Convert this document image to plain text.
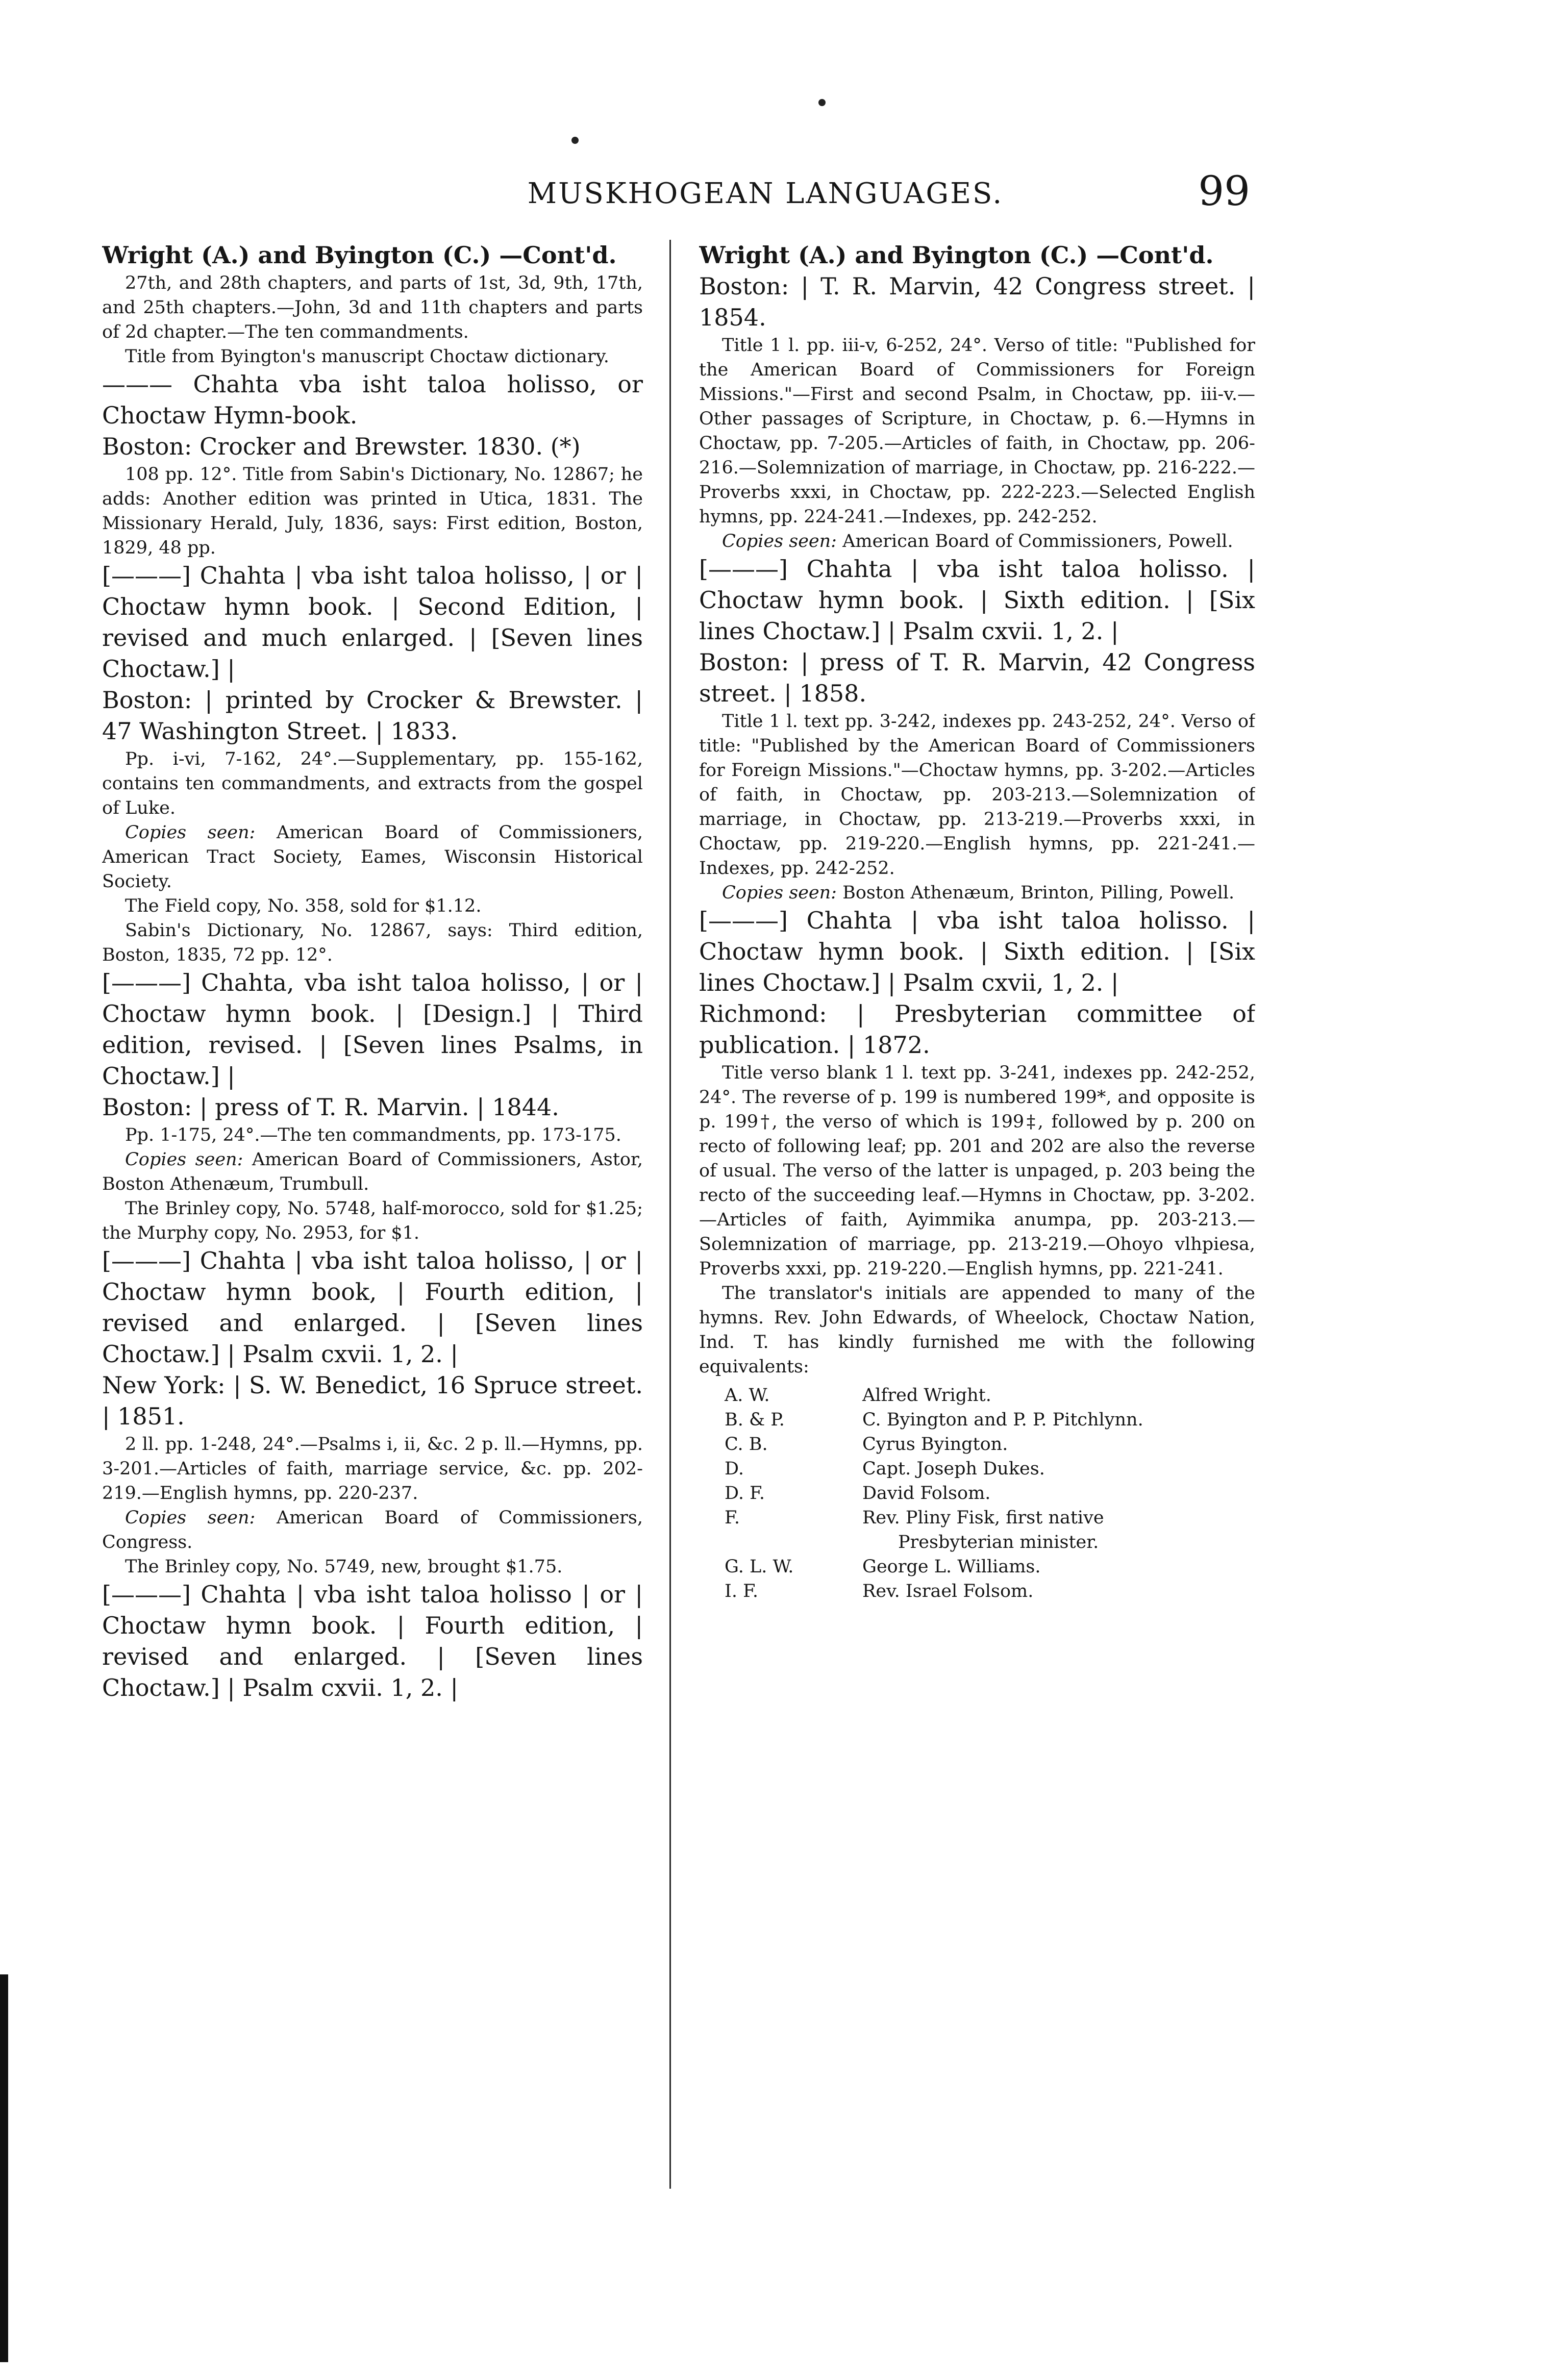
MUSKHOGEAN LANGUAGES.	99

Wright (A.) and Byington (C.) —Cont'd.

27th, and 28th chapters, and parts of 1st, 3d, 9th, 17th, and 25th chapters.—John, 3d and 11th chapters and parts of 2d chapter.—The ten commandments.

Title from Byington's manuscript Choctaw dictionary.

——— Chahta vba isht taloa holisso, or Choctaw Hymn-book.

Boston: Crocker and Brewster. 1830. (*)

108 pp. 12°. Title from Sabin's Dictionary, No. 12867; he adds: Another edition was printed in Utica, 1831. The Missionary Herald, July, 1836, says: First edition, Boston, 1829, 48 pp.

[———] Chahta | vba isht taloa holisso, | or | Choctaw hymn book. | Second Edition, | revised and much enlarged. | [Seven lines Choctaw.] |

Boston: | printed by Crocker & Brewster. | 47 Washington Street. | 1833.

Pp. i-vi, 7-162, 24°.—Supplementary, pp. 155-162, contains ten commandments, and extracts from the gospel of Luke.

Copies seen: American Board of Commissioners, American Tract Society, Eames, Wisconsin Historical Society.

The Field copy, No. 358, sold for $1.12.

Sabin's Dictionary, No. 12867, says: Third edition, Boston, 1835, 72 pp. 12°.

[———] Chahta, vba isht taloa holisso, | or | Choctaw hymn book. | [Design.] | Third edition, revised. | [Seven lines Psalms, in Choctaw.] |

Boston: | press of T. R. Marvin. | 1844.

Pp. 1-175, 24°.—The ten commandments, pp. 173-175.

Copies seen: American Board of Commissioners, Astor, Boston Athenæum, Trumbull.

The Brinley copy, No. 5748, half-morocco, sold for $1.25; the Murphy copy, No. 2953, for $1.

[———] Chahta | vba isht taloa holisso, | or | Choctaw hymn book, | Fourth edition, | revised and enlarged. | [Seven lines Choctaw.] | Psalm cxvii. 1, 2. |

New York: | S. W. Benedict, 16 Spruce street. | 1851.

2 ll. pp. 1-248, 24°.—Psalms i, ii, &c. 2 p. ll.—Hymns, pp. 3-201.—Articles of faith, marriage service, &c. pp. 202-219.—English hymns, pp. 220-237.

Copies seen: American Board of Commissioners, Congress.

The Brinley copy, No. 5749, new, brought $1.75.

[———] Chahta | vba isht taloa holisso | or | Choctaw hymn book. | Fourth edition, | revised and enlarged. | [Seven lines Choctaw.] | Psalm cxvii. 1, 2. |

Wright (A.) and Byington (C.) —Cont'd.

Boston: | T. R. Marvin, 42 Congress street. | 1854.

Title 1 l. pp. iii-v, 6-252, 24°. Verso of title: "Published for the American Board of Commissioners for Foreign Missions."—First and second Psalm, in Choctaw, pp. iii-v.—Other passages of Scripture, in Choctaw, p. 6.—Hymns in Choctaw, pp. 7-205.—Articles of faith, in Choctaw, pp. 206-216.—Solemnization of marriage, in Choctaw, pp. 216-222.—Proverbs xxxi, in Choctaw, pp. 222-223.—Selected English hymns, pp. 224-241.—Indexes, pp. 242-252.

Copies seen: American Board of Commissioners, Powell.

[———] Chahta | vba isht taloa holisso. | Choctaw hymn book. | Sixth edition. | [Six lines Choctaw.] | Psalm cxvii. 1, 2. |

Boston: | press of T. R. Marvin, 42 Congress street. | 1858.

Title 1 l. text pp. 3-242, indexes pp. 243-252, 24°. Verso of title: "Published by the American Board of Commissioners for Foreign Missions."—Choctaw hymns, pp. 3-202.—Articles of faith, in Choctaw, pp. 203-213.—Solemnization of marriage, in Choctaw, pp. 213-219.—Proverbs xxxi, in Choctaw, pp. 219-220.—English hymns, pp. 221-241.—Indexes, pp. 242-252.

Copies seen: Boston Athenæum, Brinton, Pilling, Powell.

[———] Chahta | vba isht taloa holisso. | Choctaw hymn book. | Sixth edition. | [Six lines Choctaw.] | Psalm cxvii, 1, 2. |

Richmond: | Presbyterian committee of publication. | 1872.

Title verso blank 1 l. text pp. 3-241, indexes pp. 242-252, 24°. The reverse of p. 199 is numbered 199*, and opposite is p. 199†, the verso of which is 199‡, followed by p. 200 on recto of following leaf; pp. 201 and 202 are also the reverse of usual. The verso of the latter is unpaged, p. 203 being the recto of the succeeding leaf.—Hymns in Choctaw, pp. 3-202.—Articles of faith, Ayimmika anumpa, pp. 203-213.—Solemnization of marriage, pp. 213-219.—Ohoyo vlhpiesa, Proverbs xxxi, pp. 219-220.—English hymns, pp. 221-241.

The translator's initials are appended to many of the hymns. Rev. John Edwards, of Wheelock, Choctaw Nation, Ind. T. has kindly furnished me with the following equivalents:

A. W.	Alfred Wright.
B. & P.	C. Byington and P. P. Pitchlynn.
C. B.	Cyrus Byington.
D.	Capt. Joseph Dukes.
D. F.	David Folsom.
F.	Rev. Pliny Fisk, first native
Presbyterian minister.
G. L. W.	George L. Williams.
I. F.	Rev. Israel Folsom.
